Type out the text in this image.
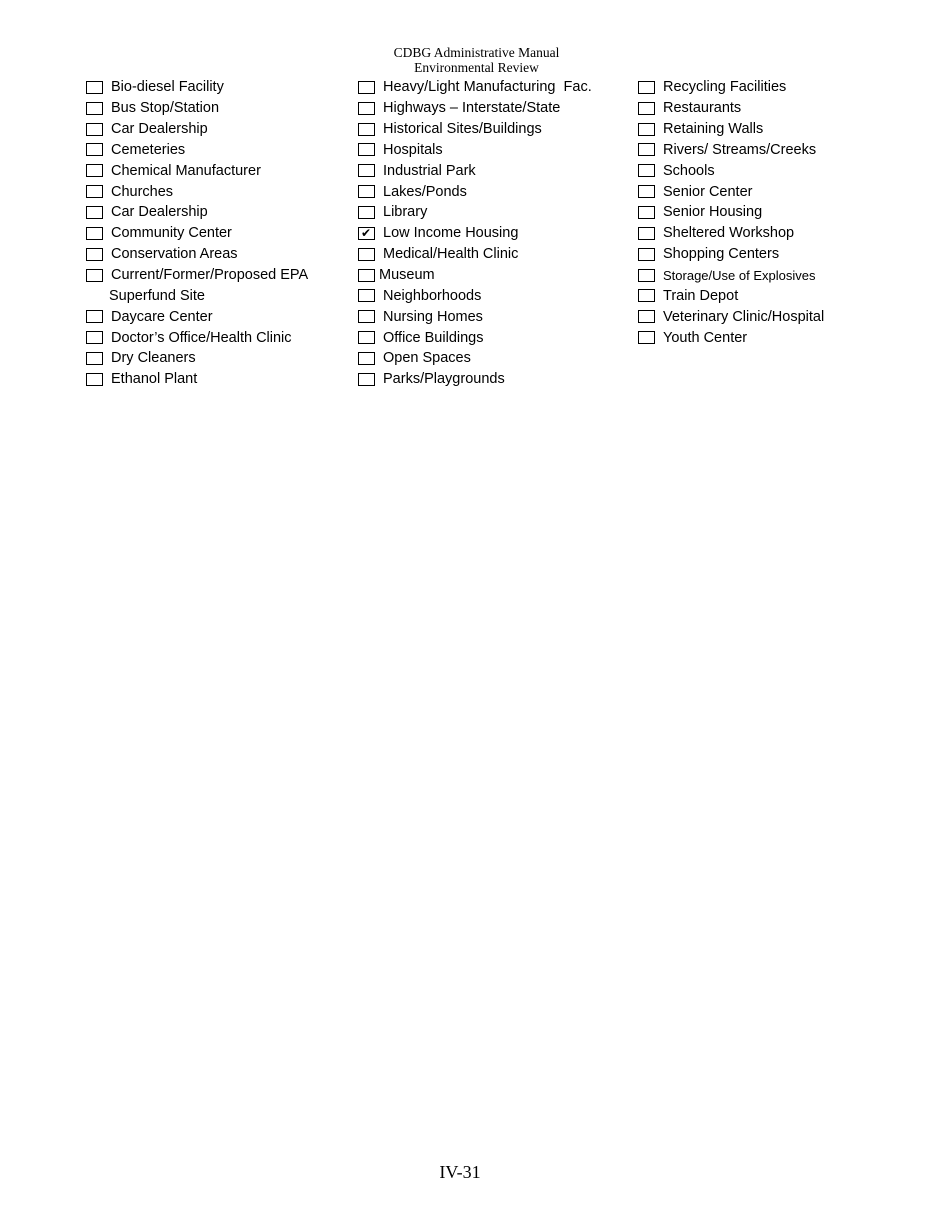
CDBG Administrative Manual
Environmental Review
Bio-diesel Facility
Bus Stop/Station
Car Dealership
Cemeteries
Chemical Manufacturer
Churches
Car Dealership
Community Center
Conservation Areas
Current/Former/Proposed EPA
Superfund Site
Daycare Center
Doctor’s Office/Health Clinic
Dry Cleaners
Ethanol Plant
Heavy/Light Manufacturing  Fac.
Highways – Interstate/State
Historical Sites/Buildings
Hospitals
Industrial Park
Lakes/Ponds
Library
✔ Low Income Housing
Medical/Health Clinic
Museum
Neighborhoods
Nursing Homes
Office Buildings
Open Spaces
Parks/Playgrounds
Recycling Facilities
Restaurants
Retaining Walls
Rivers/ Streams/Creeks
Schools
Senior Center
Senior Housing
Sheltered Workshop
Shopping Centers
Storage/Use of Explosives
Train Depot
Veterinary Clinic/Hospital
Youth Center
IV-31
